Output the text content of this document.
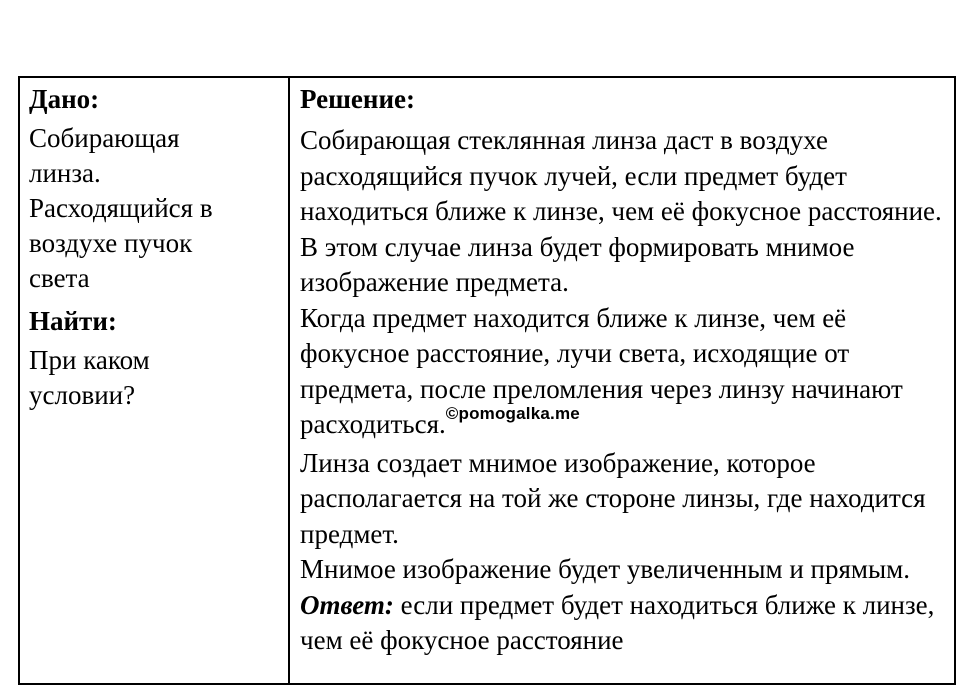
Дано:
Собирающая
линза.
Расходящийся в
воздухе пучок
света
Найти:
При каком
условии?
Решение:

Собирающая стеклянная линза даст в воздухе расходящийся пучок лучей, если предмет будет находиться ближе к линзе, чем её фокусное расстояние. В этом случае линза будет формировать мнимое изображение предмета.

Когда предмет находится ближе к линзе, чем её фокусное расстояние, лучи света, исходящие от предмета, после преломления через линзу начинают расходиться.$^{©pomogalka.me}$

Линза создает мнимое изображение, которое располагается на той же стороне линзы, где находится предмет.

Мнимое изображение будет увеличенным и прямым.

Ответ: если предмет будет находиться ближе к линзе, чем её фокусное расстояние
